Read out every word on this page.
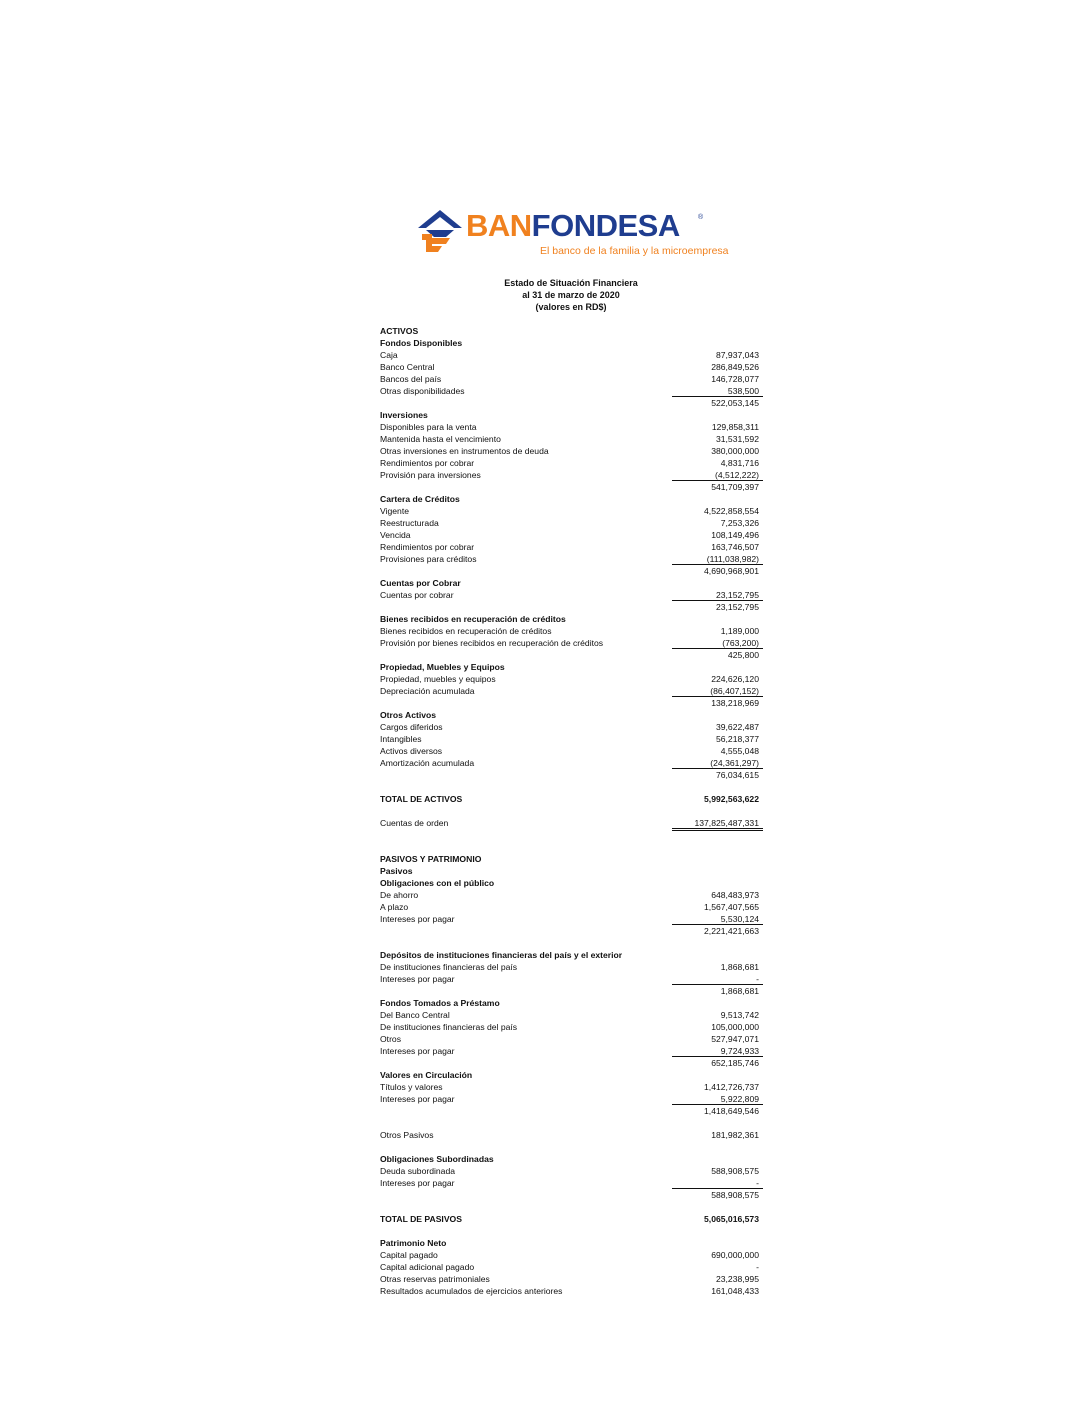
BANFONDESA	®
El banco de la familia y la microempresa
Estado de Situación Financiera
al 31 de marzo de 2020
(valores en RD$)
ACTIVOS
Fondos Disponibles
Caja	87,937,043
Banco Central	286,849,526
Bancos del país	146,728,077
Otras disponibilidades	538,500
522,053,145
Inversiones
Disponibles para la venta	129,858,311
Mantenida hasta el vencimiento	31,531,592
Otras inversiones en instrumentos de deuda	380,000,000
Rendimientos por cobrar	4,831,716
Provisión para inversiones	(4,512,222)
541,709,397
Cartera de Créditos
Vigente	4,522,858,554
Reestructurada	7,253,326
Vencida	108,149,496
Rendimientos por cobrar	163,746,507
Provisiones para créditos	(111,038,982)
4,690,968,901
Cuentas por Cobrar
Cuentas por cobrar	23,152,795
23,152,795
Bienes recibidos en recuperación de créditos
Bienes recibidos en recuperación de créditos	1,189,000
Provisión por bienes recibidos en recuperación de créditos	(763,200)
425,800
Propiedad, Muebles y Equipos
Propiedad, muebles y equipos	224,626,120
Depreciación acumulada	(86,407,152)
138,218,969
Otros Activos
Cargos diferidos	39,622,487
Intangibles	56,218,377
Activos diversos	4,555,048
Amortización acumulada	(24,361,297)
76,034,615
TOTAL DE ACTIVOS	5,992,563,622
Cuentas de orden	137,825,487,331
PASIVOS Y PATRIMONIO
Pasivos
Obligaciones con el público
De ahorro	648,483,973
A plazo	1,567,407,565
Intereses por pagar	5,530,124
2,221,421,663
Depósitos de instituciones financieras del país y el exterior
De instituciones financieras del país	1,868,681
Intereses por pagar	-
1,868,681
Fondos Tomados a Préstamo
Del Banco Central	9,513,742
De instituciones financieras del país	105,000,000
Otros	527,947,071
Intereses por pagar	9,724,933
652,185,746
Valores en Circulación
Títulos y valores	1,412,726,737
Intereses por pagar	5,922,809
1,418,649,546
Otros Pasivos	181,982,361
Obligaciones Subordinadas
Deuda subordinada	588,908,575
Intereses por pagar	-
588,908,575
TOTAL DE PASIVOS	5,065,016,573
Patrimonio Neto
Capital pagado	690,000,000
Capital adicional pagado	-
Otras reservas patrimoniales	23,238,995
Resultados acumulados de ejercicios anteriores	161,048,433
